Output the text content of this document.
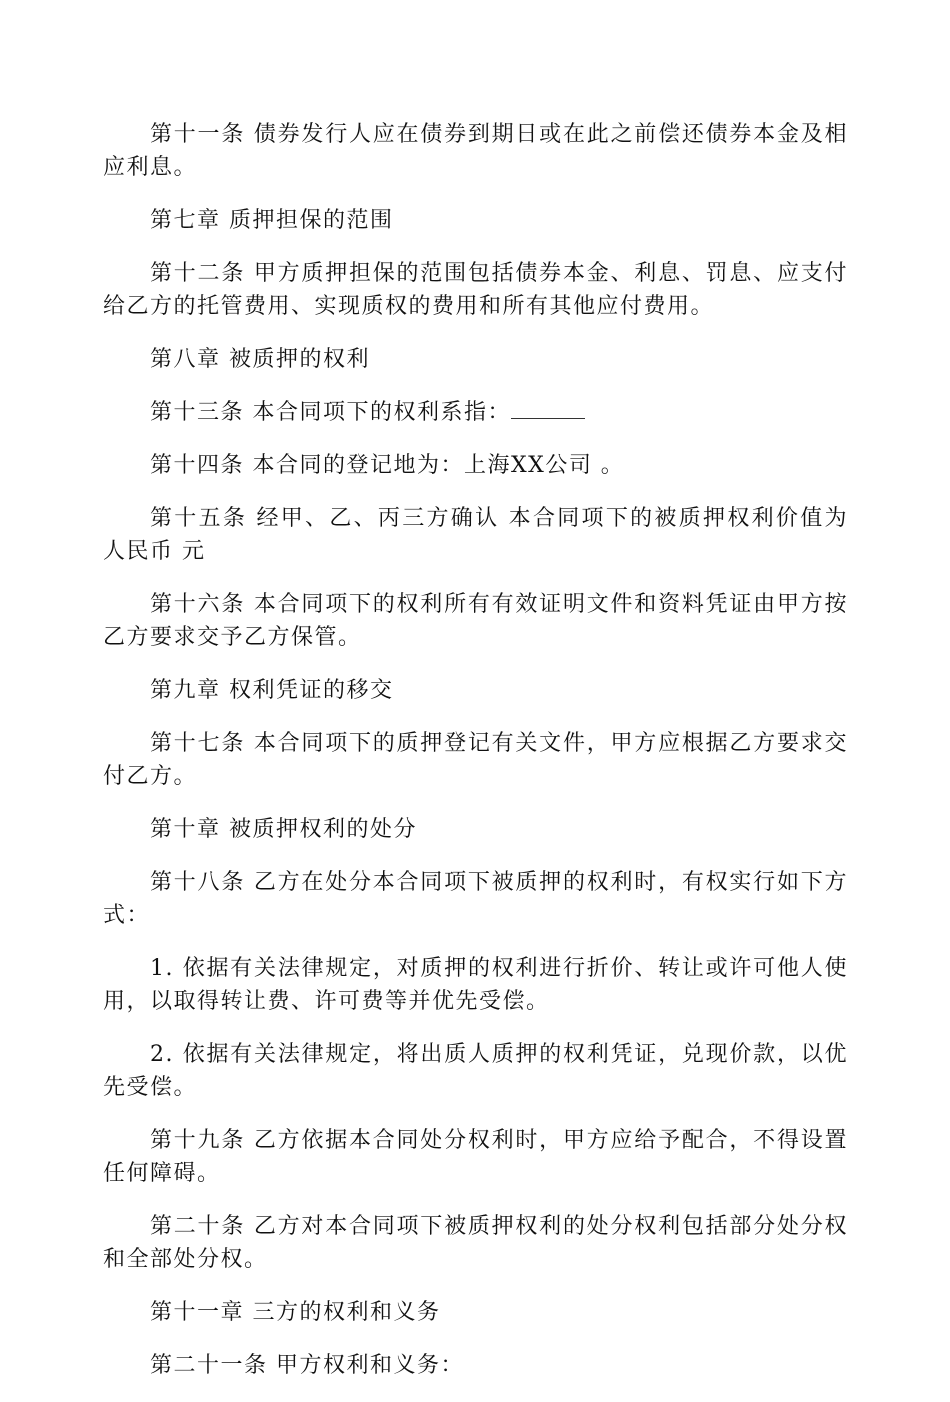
第十一条 债券发行人应在债券到期日或在此之前偿还债券本金及相应利息。

第七章 质押担保的范围

第十二条 甲方质押担保的范围包括债券本金、利息、罚息、应支付给乙方的托管费用、实现质权的费用和所有其他应付费用。

第八章 被质押的权利

第十三条 本合同项下的权利系指：

第十四条 本合同的登记地为：上海XX公司 。

第十五条 经甲、乙、丙三方确认 本合同项下的被质押权利价值为人民币 元

第十六条 本合同项下的权利所有有效证明文件和资料凭证由甲方按乙方要求交予乙方保管。

第九章 权利凭证的移交

第十七条 本合同项下的质押登记有关文件，甲方应根据乙方要求交付乙方。

第十章 被质押权利的处分

第十八条 乙方在处分本合同项下被质押的权利时，有权实行如下方式：

1. 依据有关法律规定，对质押的权利进行折价、转让或许可他人使用，以取得转让费、许可费等并优先受偿。

2. 依据有关法律规定，将出质人质押的权利凭证，兑现价款，以优先受偿。

第十九条 乙方依据本合同处分权利时，甲方应给予配合，不得设置任何障碍。

第二十条 乙方对本合同项下被质押权利的处分权利包括部分处分权和全部处分权。

第十一章 三方的权利和义务

第二十一条 甲方权利和义务：
